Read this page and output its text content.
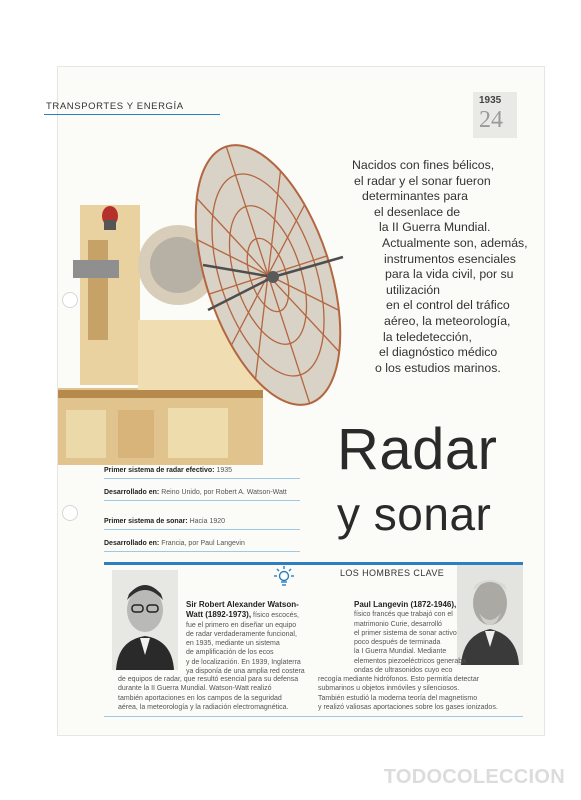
TRANSPORTES Y ENERGÍA
1935
24
Nacidos con fines bélicos,
el radar y el sonar fueron
determinantes para
el desenlace de
la II Guerra Mundial.
Actualmente son, además,
instrumentos esenciales
para la vida civil, por su
utilización
en el control del tráfico
aéreo, la meteorología,
la teledetección,
el diagnóstico médico
o los estudios marinos.
Radar
y sonar
Primer sistema de radar efectivo: 1935
Desarrollado en: Reino Unido, por Robert A. Watson-Watt
Primer sistema de sonar: Hacia 1920
Desarrollado en: Francia, por Paul Langevin
LOS HOMBRES CLAVE
Sir Robert Alexander Watson-
Watt (1892-1973), físico escocés,
fue el primero en diseñar un equipo
de radar verdaderamente funcional,
en 1935, mediante un sistema
de amplificación de los ecos
y de localización. En 1939, Inglaterra
ya disponía de una amplia red costera
de equipos de radar, que resultó esencial para su defensa
durante la II Guerra Mundial. Watson-Watt realizó
también aportaciones en los campos de la seguridad
aérea, la meteorología y la radiación electromagnética.
Paul Langevin (1872-1946),
físico francés que trabajó con el
matrimonio Curie, desarrolló
el primer sistema de sonar activo
poco después de terminada
la I Guerra Mundial. Mediante
elementos piezoeléctricos generaba
ondas de ultrasonidos cuyo eco
recogía mediante hidrófonos. Esto permitía detectar
submarinos u objetos inmóviles y silenciosos.
También estudió la moderna teoría del magnetismo
y realizó valiosas aportaciones sobre los gases ionizados.
TODOCOLECCION
